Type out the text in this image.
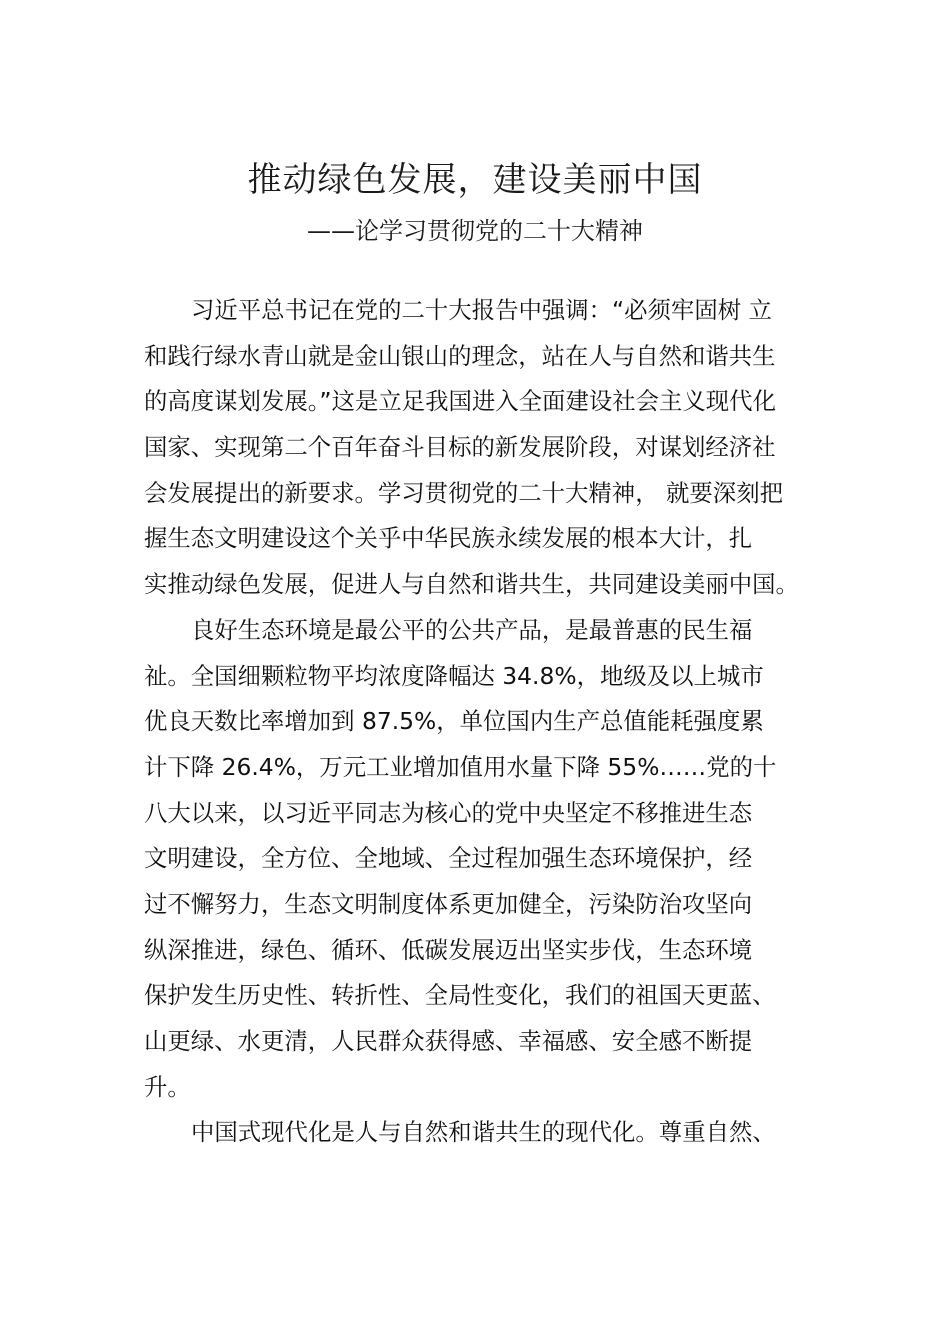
推动绿色发展，建设美丽中国
——论学习贯彻党的二十大精神
习近平总书记在党的二十大报告中强调：“必须牢固树 立
和践行绿水青山就是金山银山的理念，站在人与自然和谐共生
的高度谋划发展。”这是立足我国进入全面建设社会主义现代化
国家、实现第二个百年奋斗目标的新发展阶段，对谋划经济社
会发展提出的新要求。学习贯彻党的二十大精神， 就要深刻把
握生态文明建设这个关乎中华民族永续发展的根本大计，扎
实推动绿色发展，促进人与自然和谐共生，共同建设美丽中国。
良好生态环境是最公平的公共产品，是最普惠的民生福
祉。全国细颗粒物平均浓度降幅达 34.8%，地级及以上城市
优良天数比率增加到 87.5%，单位国内生产总值能耗强度累
计下降 26.4%，万元工业增加值用水量下降 55%……党的十
八大以来，以习近平同志为核心的党中央坚定不移推进生态
文明建设，全方位、全地域、全过程加强生态环境保护，经
过不懈努力，生态文明制度体系更加健全，污染防治攻坚向
纵深推进，绿色、循环、低碳发展迈出坚实步伐，生态环境
保护发生历史性、转折性、全局性变化，我们的祖国天更蓝、
山更绿、水更清，人民群众获得感、幸福感、安全感不断提
升。
中国式现代化是人与自然和谐共生的现代化。尊重自然、
